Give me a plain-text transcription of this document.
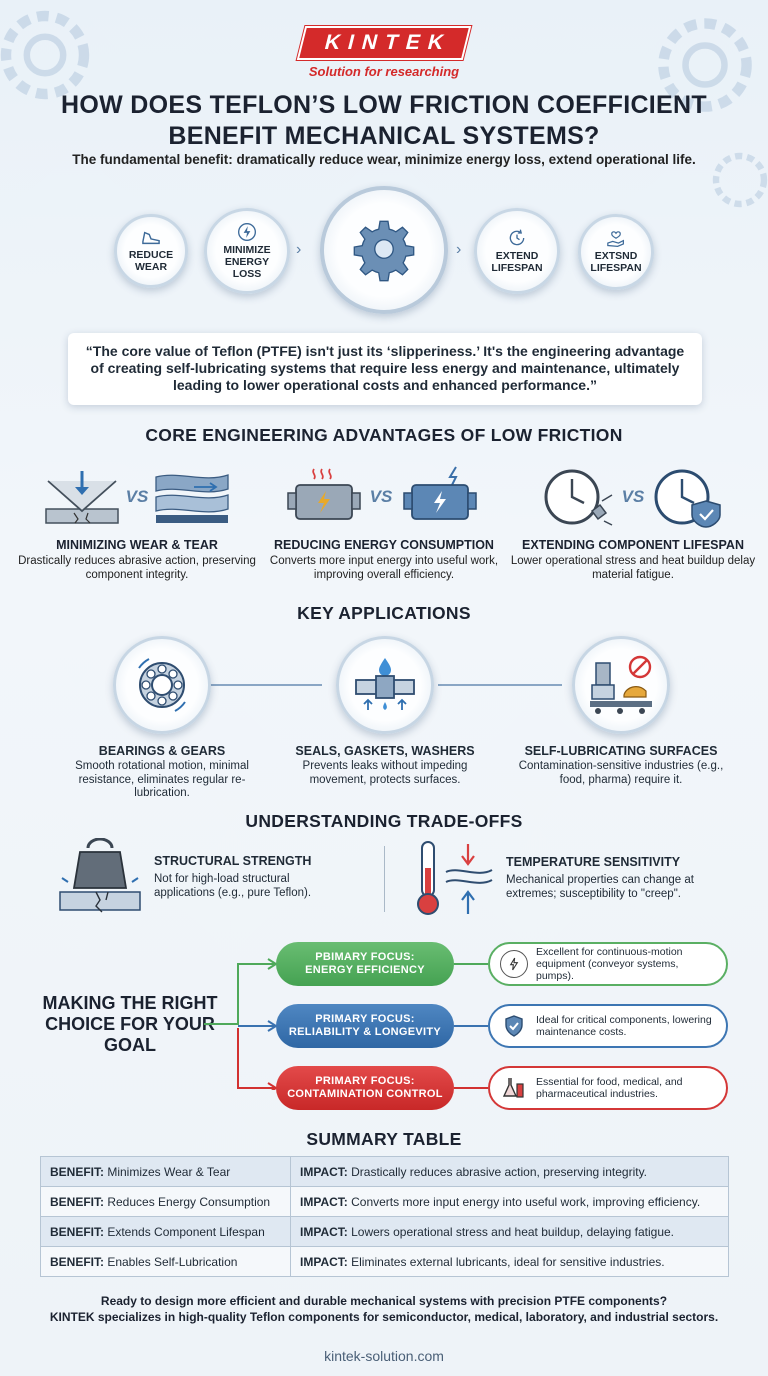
KINTEK
Solution for researching
HOW DOES TEFLON’S LOW FRICTION COEFFICIENT BENEFIT MECHANICAL SYSTEMS?
The fundamental benefit: dramatically reduce wear, minimize energy loss, extend operational life.
REDUCE WEAR
MINIMIZE ENERGY LOSS
›	›	EXTEND LIFESPAN
EXTSND LIFESPAN
“The core value of Teflon (PTFE) isn't just its ‘slipperiness.’ It's the engineering advantage of creating self-lubricating systems that require less energy and maintenance, ultimately leading to lower operational costs and enhanced performance.”
CORE ENGINEERING ADVANTAGES OF LOW FRICTION
VS
MINIMIZING WEAR & TEAR
Drastically reduces abrasive action, preserving component integrity.
VS
REDUCING ENERGY CONSUMPTION
Converts more input energy into useful work, improving overall efficiency.
VS
EXTENDING COMPONENT LIFESPAN
Lower operational stress and heat buildup delay material fatigue.
KEY APPLICATIONS
BEARINGS & GEARS
Smooth rotational motion, minimal resistance, eliminates regular re-lubrication.
SEALS, GASKETS, WASHERS
Prevents leaks without impeding movement, protects surfaces.
SELF-LUBRICATING SURFACES
Contamination-sensitive industries (e.g., food, pharma) require it.
UNDERSTANDING TRADE-OFFS
STRUCTURAL STRENGTH
Not for high-load structural applications (e.g., pure Teflon).
TEMPERATURE SENSITIVITY
Mechanical properties can change at extremes; susceptibility to "creep".
MAKING THE RIGHT CHOICE FOR YOUR GOAL
PBIMARY FOCUS:
ENERGY EFFICIENCY
PRIMARY FOCUS:
RELIABILITY & LONGEVITY
PRIMARY FOCUS:
CONTAMINATION CONTROL
Excellent for continuous-motion equipment (conveyor systems, pumps).
Ideal for critical components, lowering maintenance costs.
Essential for food, medical, and pharmaceutical industries.
SUMMARY TABLE
BENEFIT: Minimizes Wear & Tear	IMPACT: Drastically reduces abrasive action, preserving integrity.
BENEFIT: Reduces Energy Consumption	IMPACT: Converts more input energy into useful work, improving efficiency.
BENEFIT: Extends Component Lifespan	IMPACT: Lowers operational stress and heat buildup, delaying fatigue.
BENEFIT: Enables Self-Lubrication	IMPACT: Eliminates external lubricants, ideal for sensitive industries.
Ready to design more efficient and durable mechanical systems with precision PTFE components?
KINTEK specializes in high-quality Teflon components for semiconductor, medical, laboratory, and industrial sectors.
kintek-solution.com
